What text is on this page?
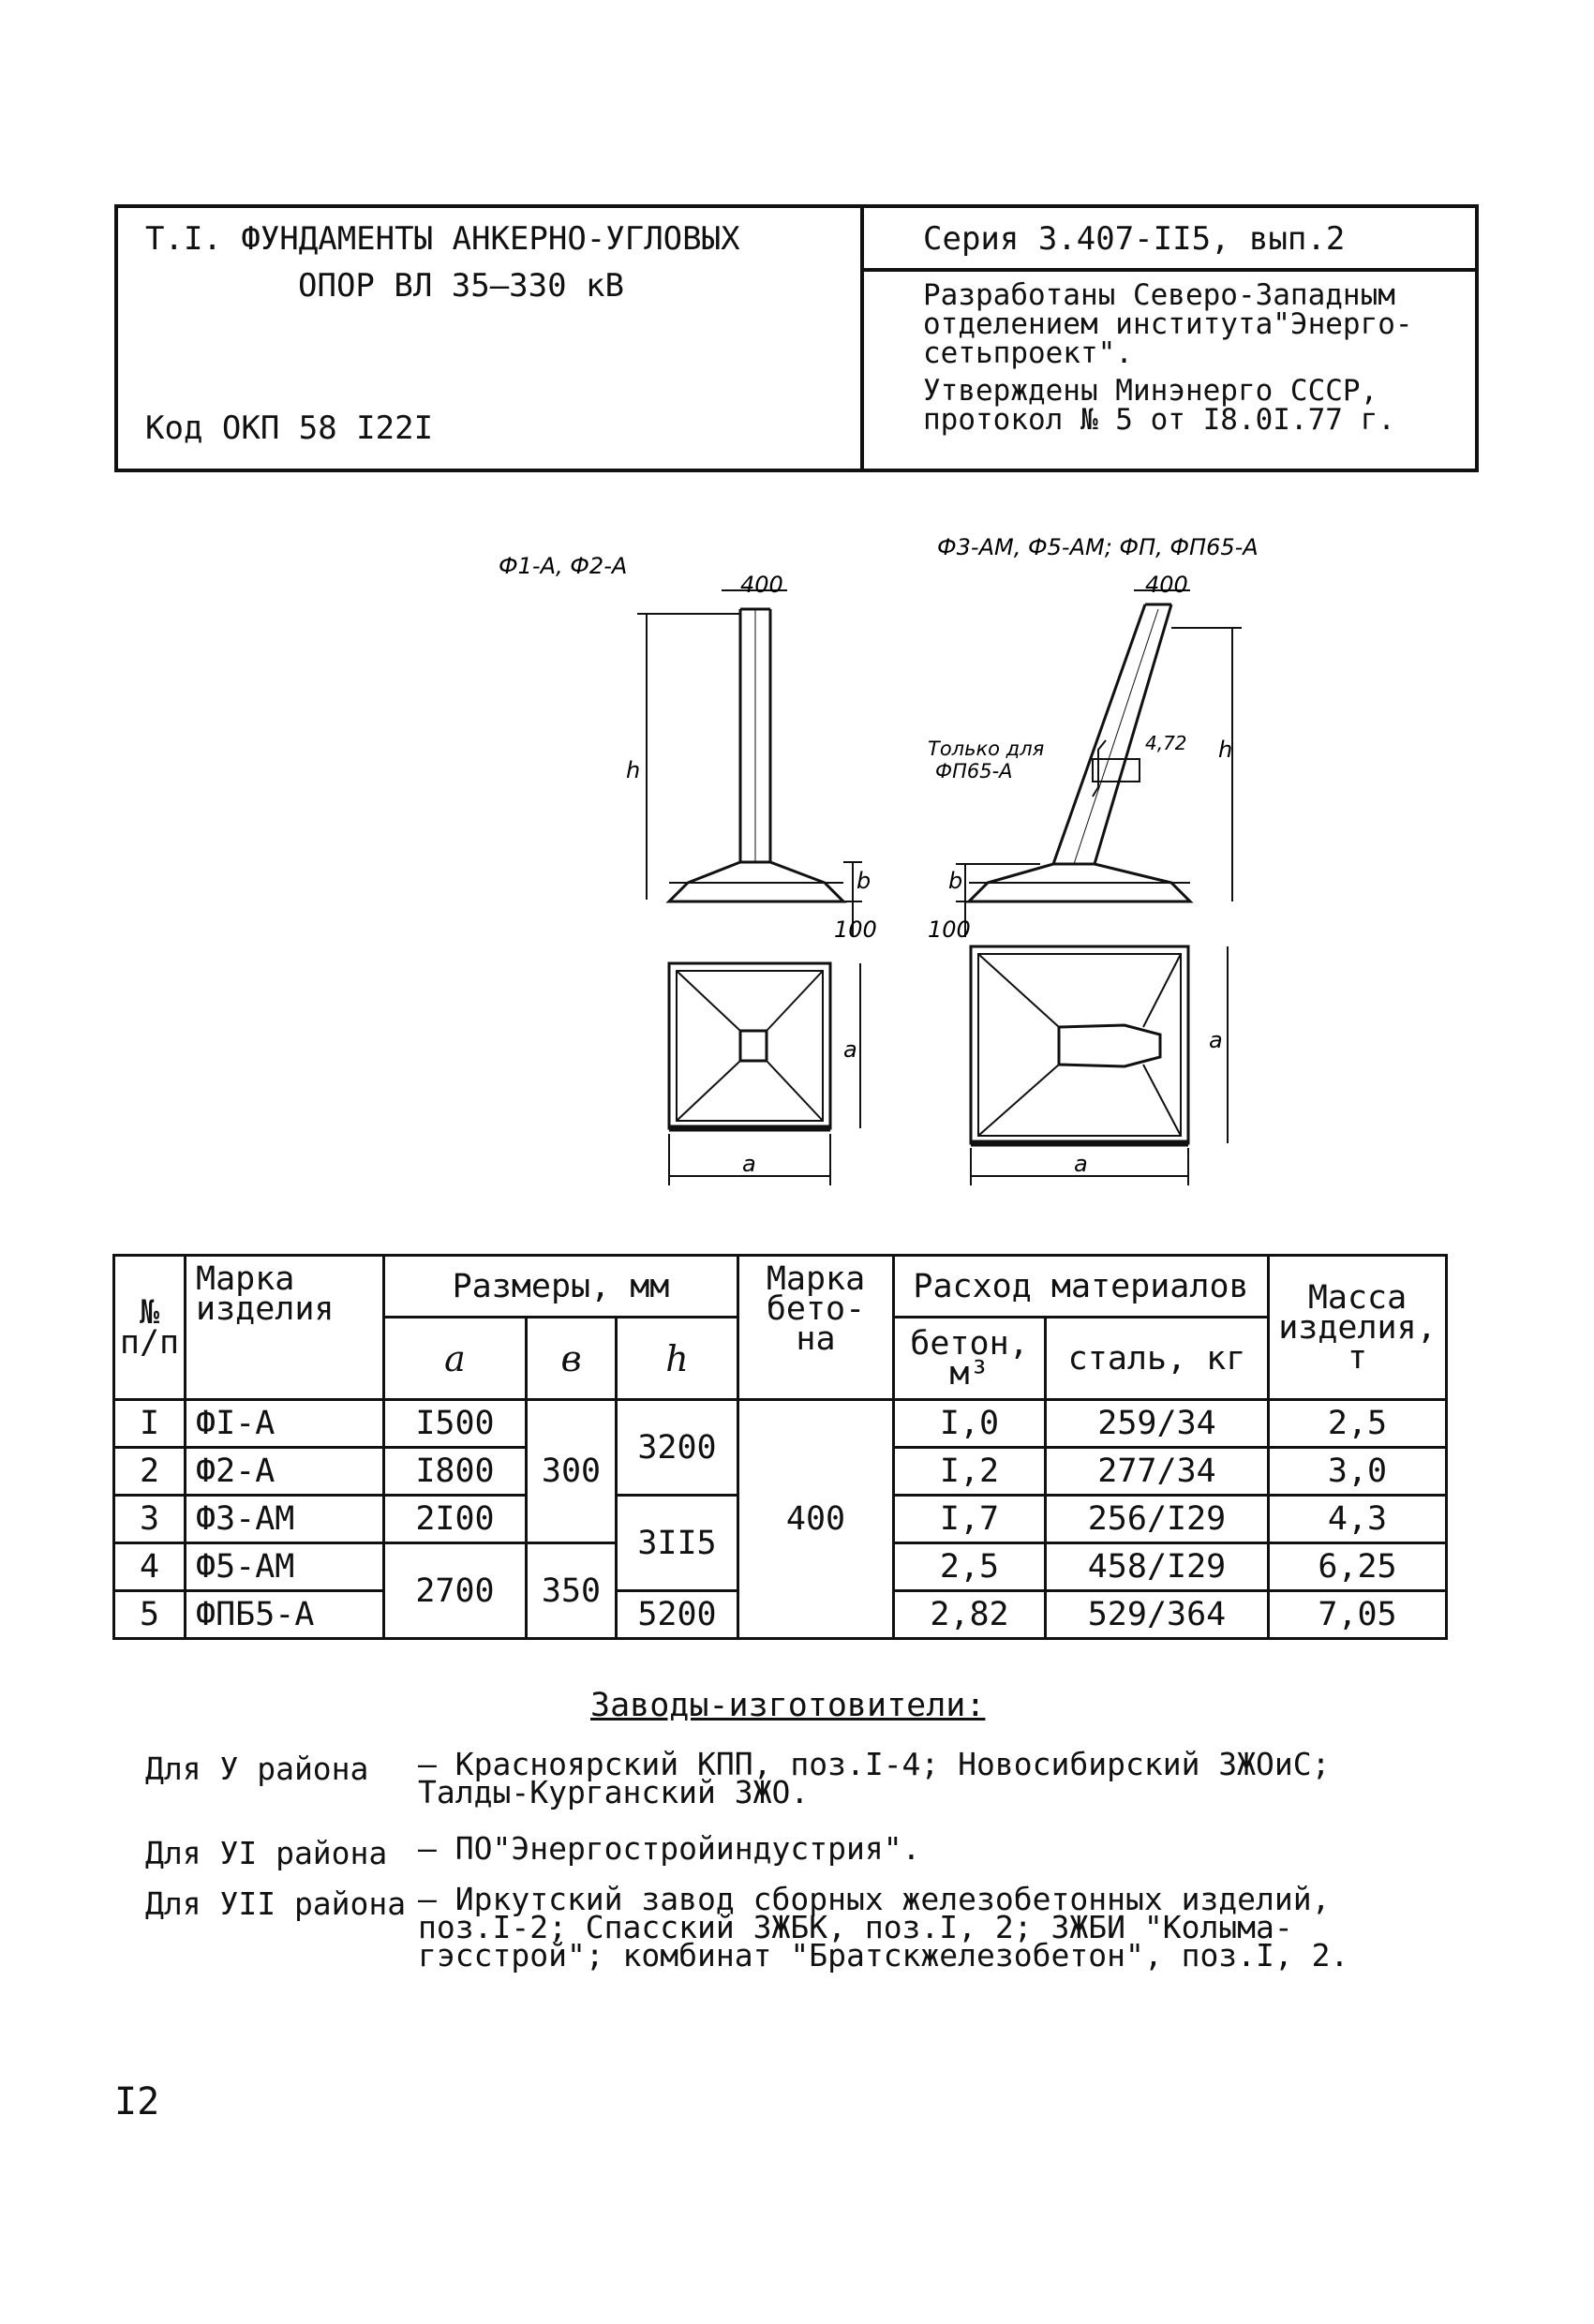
Т.I. ФУНДАМЕНТЫ АНКЕРНО-УГЛОВЫХ
ОПОР ВЛ 35–330 кВ
Код ОКП 58 I22I
Серия 3.407-II5, вып.2
Разработаны Северо-Западным
отделением института"Энерго-
сетьпроект".
Утверждены Минэнерго СССР,
протокол № 5 от I8.0I.77 г.
Ф1-А, Ф2-А
Ф3-АМ, Ф5-АМ; ФП, ФП65-А
400	400
h
h
b	b
100 100
a	a
a	a
Только для
ФП65-А
4,72
№ п/п	Марка изделия	Размеры, мм			Марка бето- на	Расход материалов		Масса изделия, т
		a	в	h		бетон, м³	сталь, кг	
I	ФI-А	I500	300	3200	400	I,0	259/34	2,5
2	Ф2-А	I800				I,2	277/34	3,0
3	Ф3-АМ	2I00		3II5		I,7	256/I29	4,3
4	Ф5-АМ	2700	350			2,5	458/I29	6,25
5	ФПБ5-А			5200		2,82	529/364	7,05
Заводы-изготовители:
Для У района – Красноярский КПП, поз.I-4; Новосибирский ЗЖОиС;
Талды-Курганский ЗЖО.
Для УI района – ПО"Энергостройиндустрия".
Для УII района – Иркутский завод сборных железобетонных изделий,
поз.I-2; Спасский ЗЖБК, поз.I, 2; ЗЖБИ "Колыма-
гэсстрой"; комбинат "Братскжелезобетон", поз.I, 2.
I2
